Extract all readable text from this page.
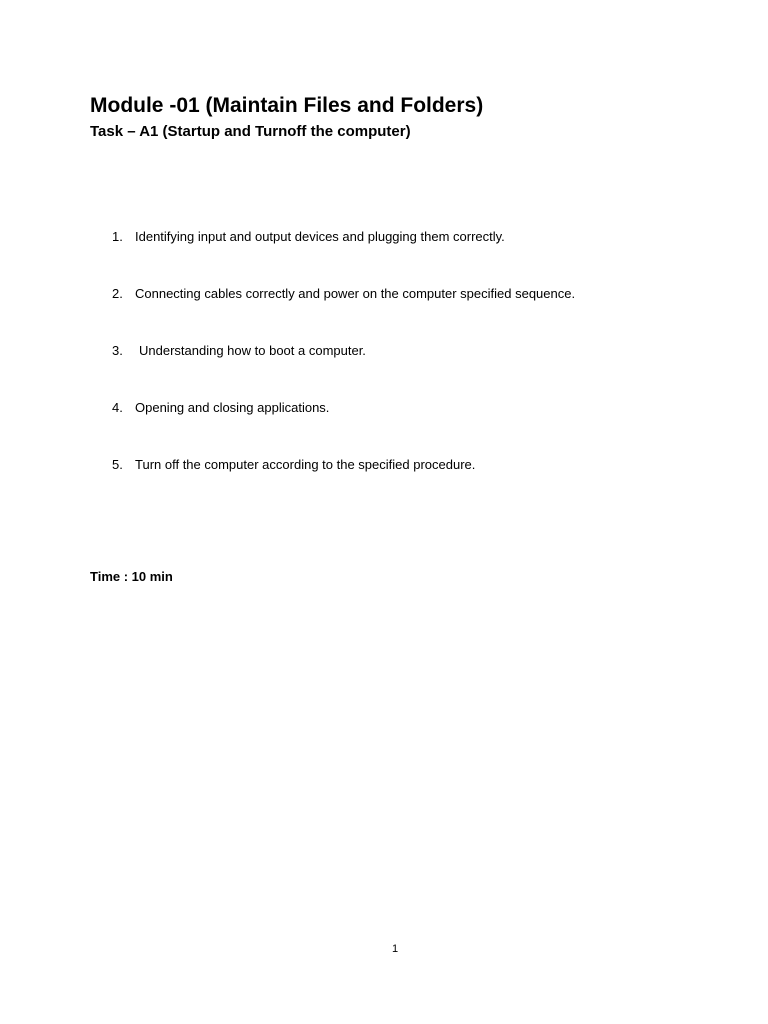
Module -01 (Maintain Files and Folders)
Task – A1 (Startup and Turnoff the computer)
1. Identifying input and output devices and plugging them correctly.
2. Connecting cables correctly and power on the computer specified sequence.
3. Understanding how to boot a computer.
4. Opening and closing applications.
5. Turn off the computer according to the specified procedure.
Time : 10 min
1
